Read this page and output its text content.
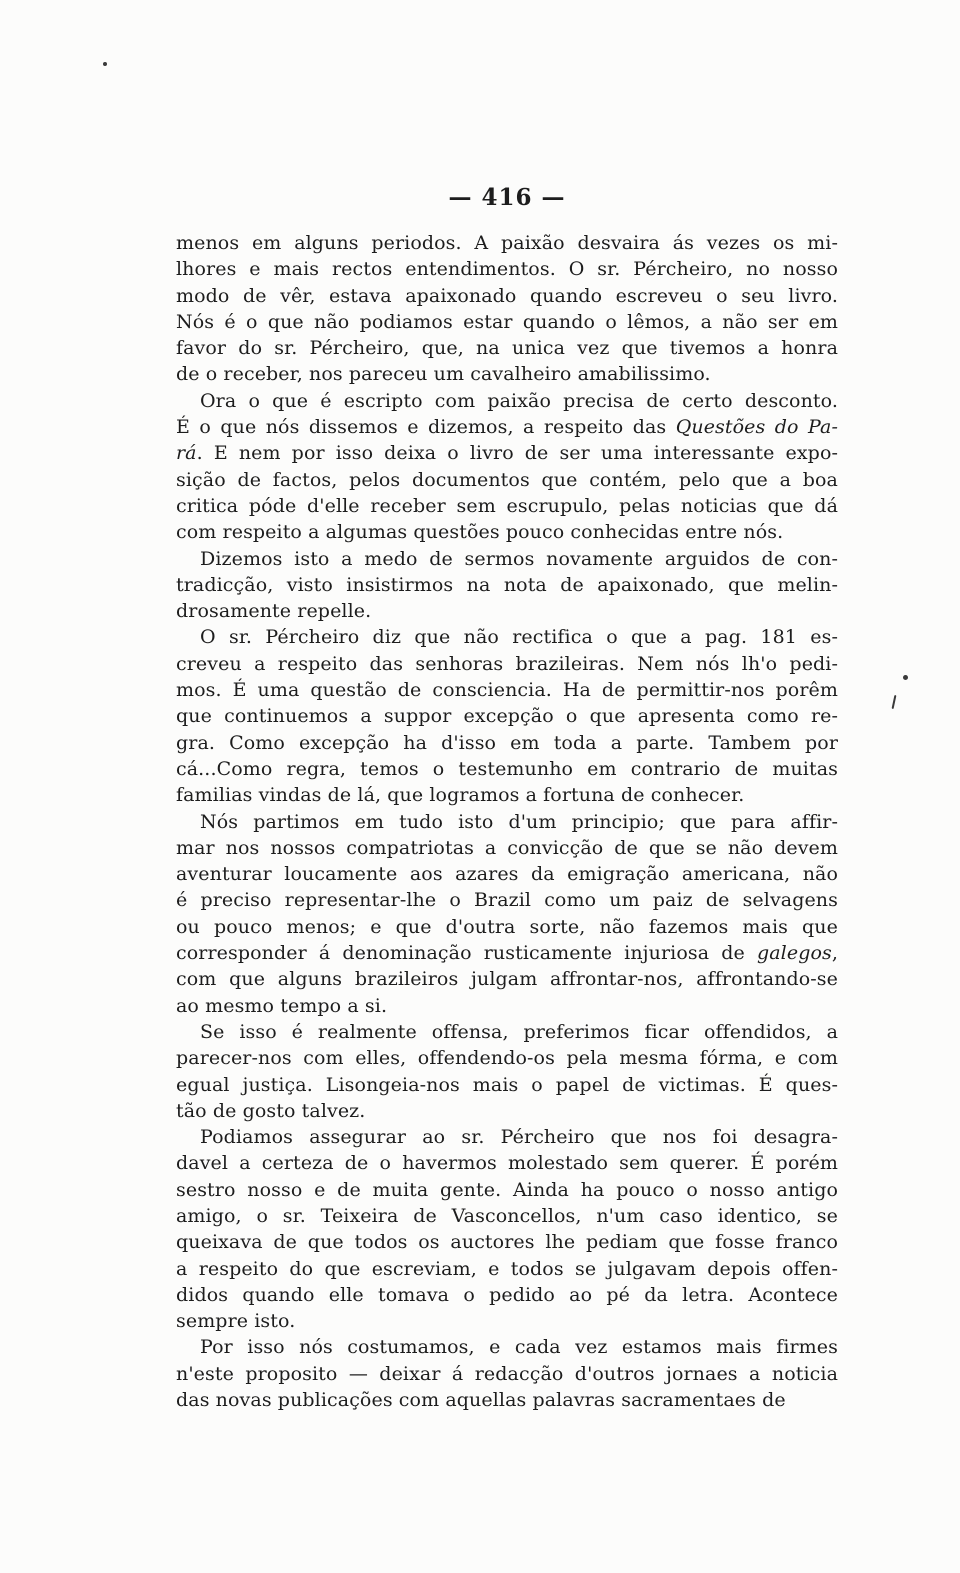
— 416 —
menos em alguns periodos. A paixão desvaira ás vezes os mi-
lhores e mais rectos entendimentos. O sr. Pércheiro, no nosso
modo de vêr, estava apaixonado quando escreveu o seu livro.
Nós é o que não podiamos estar quando o lêmos, a não ser em
favor do sr. Pércheiro, que, na unica vez que tivemos a honra
de o receber, nos pareceu um cavalheiro amabilissimo.
Ora o que é escripto com paixão precisa de certo desconto.
É o que nós dissemos e dizemos, a respeito das Questões do Pa-
rá. E nem por isso deixa o livro de ser uma interessante expo-
sição de factos, pelos documentos que contém, pelo que a boa
critica póde d'elle receber sem escrupulo, pelas noticias que dá
com respeito a algumas questões pouco conhecidas entre nós.
Dizemos isto a medo de sermos novamente arguidos de con-
tradicção, visto insistirmos na nota de apaixonado, que melin-
drosamente repelle.
O sr. Pércheiro diz que não rectifica o que a pag. 181 es-
creveu a respeito das senhoras brazileiras. Nem nós lh'o pedi-
mos. É uma questão de consciencia. Ha de permittir-nos porêm
que continuemos a suppor excepção o que apresenta como re-
gra. Como excepção ha d'isso em toda a parte. Tambem por
cá...Como regra, temos o testemunho em contrario de muitas
familias vindas de lá, que logramos a fortuna de conhecer.
Nós partimos em tudo isto d'um principio; que para affir-
mar nos nossos compatriotas a convicção de que se não devem
aventurar loucamente aos azares da emigração americana, não
é preciso representar-lhe o Brazil como um paiz de selvagens
ou pouco menos; e que d'outra sorte, não fazemos mais que
corresponder á denominação rusticamente injuriosa de galegos,
com que alguns brazileiros julgam affrontar-nos, affrontando-se
ao mesmo tempo a si.
Se isso é realmente offensa, preferimos ficar offendidos, a
parecer-nos com elles, offendendo-os pela mesma fórma, e com
egual justiça. Lisongeia-nos mais o papel de victimas. É ques-
tão de gosto talvez.
Podiamos assegurar ao sr. Pércheiro que nos foi desagra-
davel a certeza de o havermos molestado sem querer. É porém
sestro nosso e de muita gente. Ainda ha pouco o nosso antigo
amigo, o sr. Teixeira de Vasconcellos, n'um caso identico, se
queixava de que todos os auctores lhe pediam que fosse franco
a respeito do que escreviam, e todos se julgavam depois offen-
didos quando elle tomava o pedido ao pé da letra. Acontece
sempre isto.
Por isso nós costumamos, e cada vez estamos mais firmes
n'este proposito — deixar á redacção d'outros jornaes a noticia
das novas publicações com aquellas palavras sacramentaes de
